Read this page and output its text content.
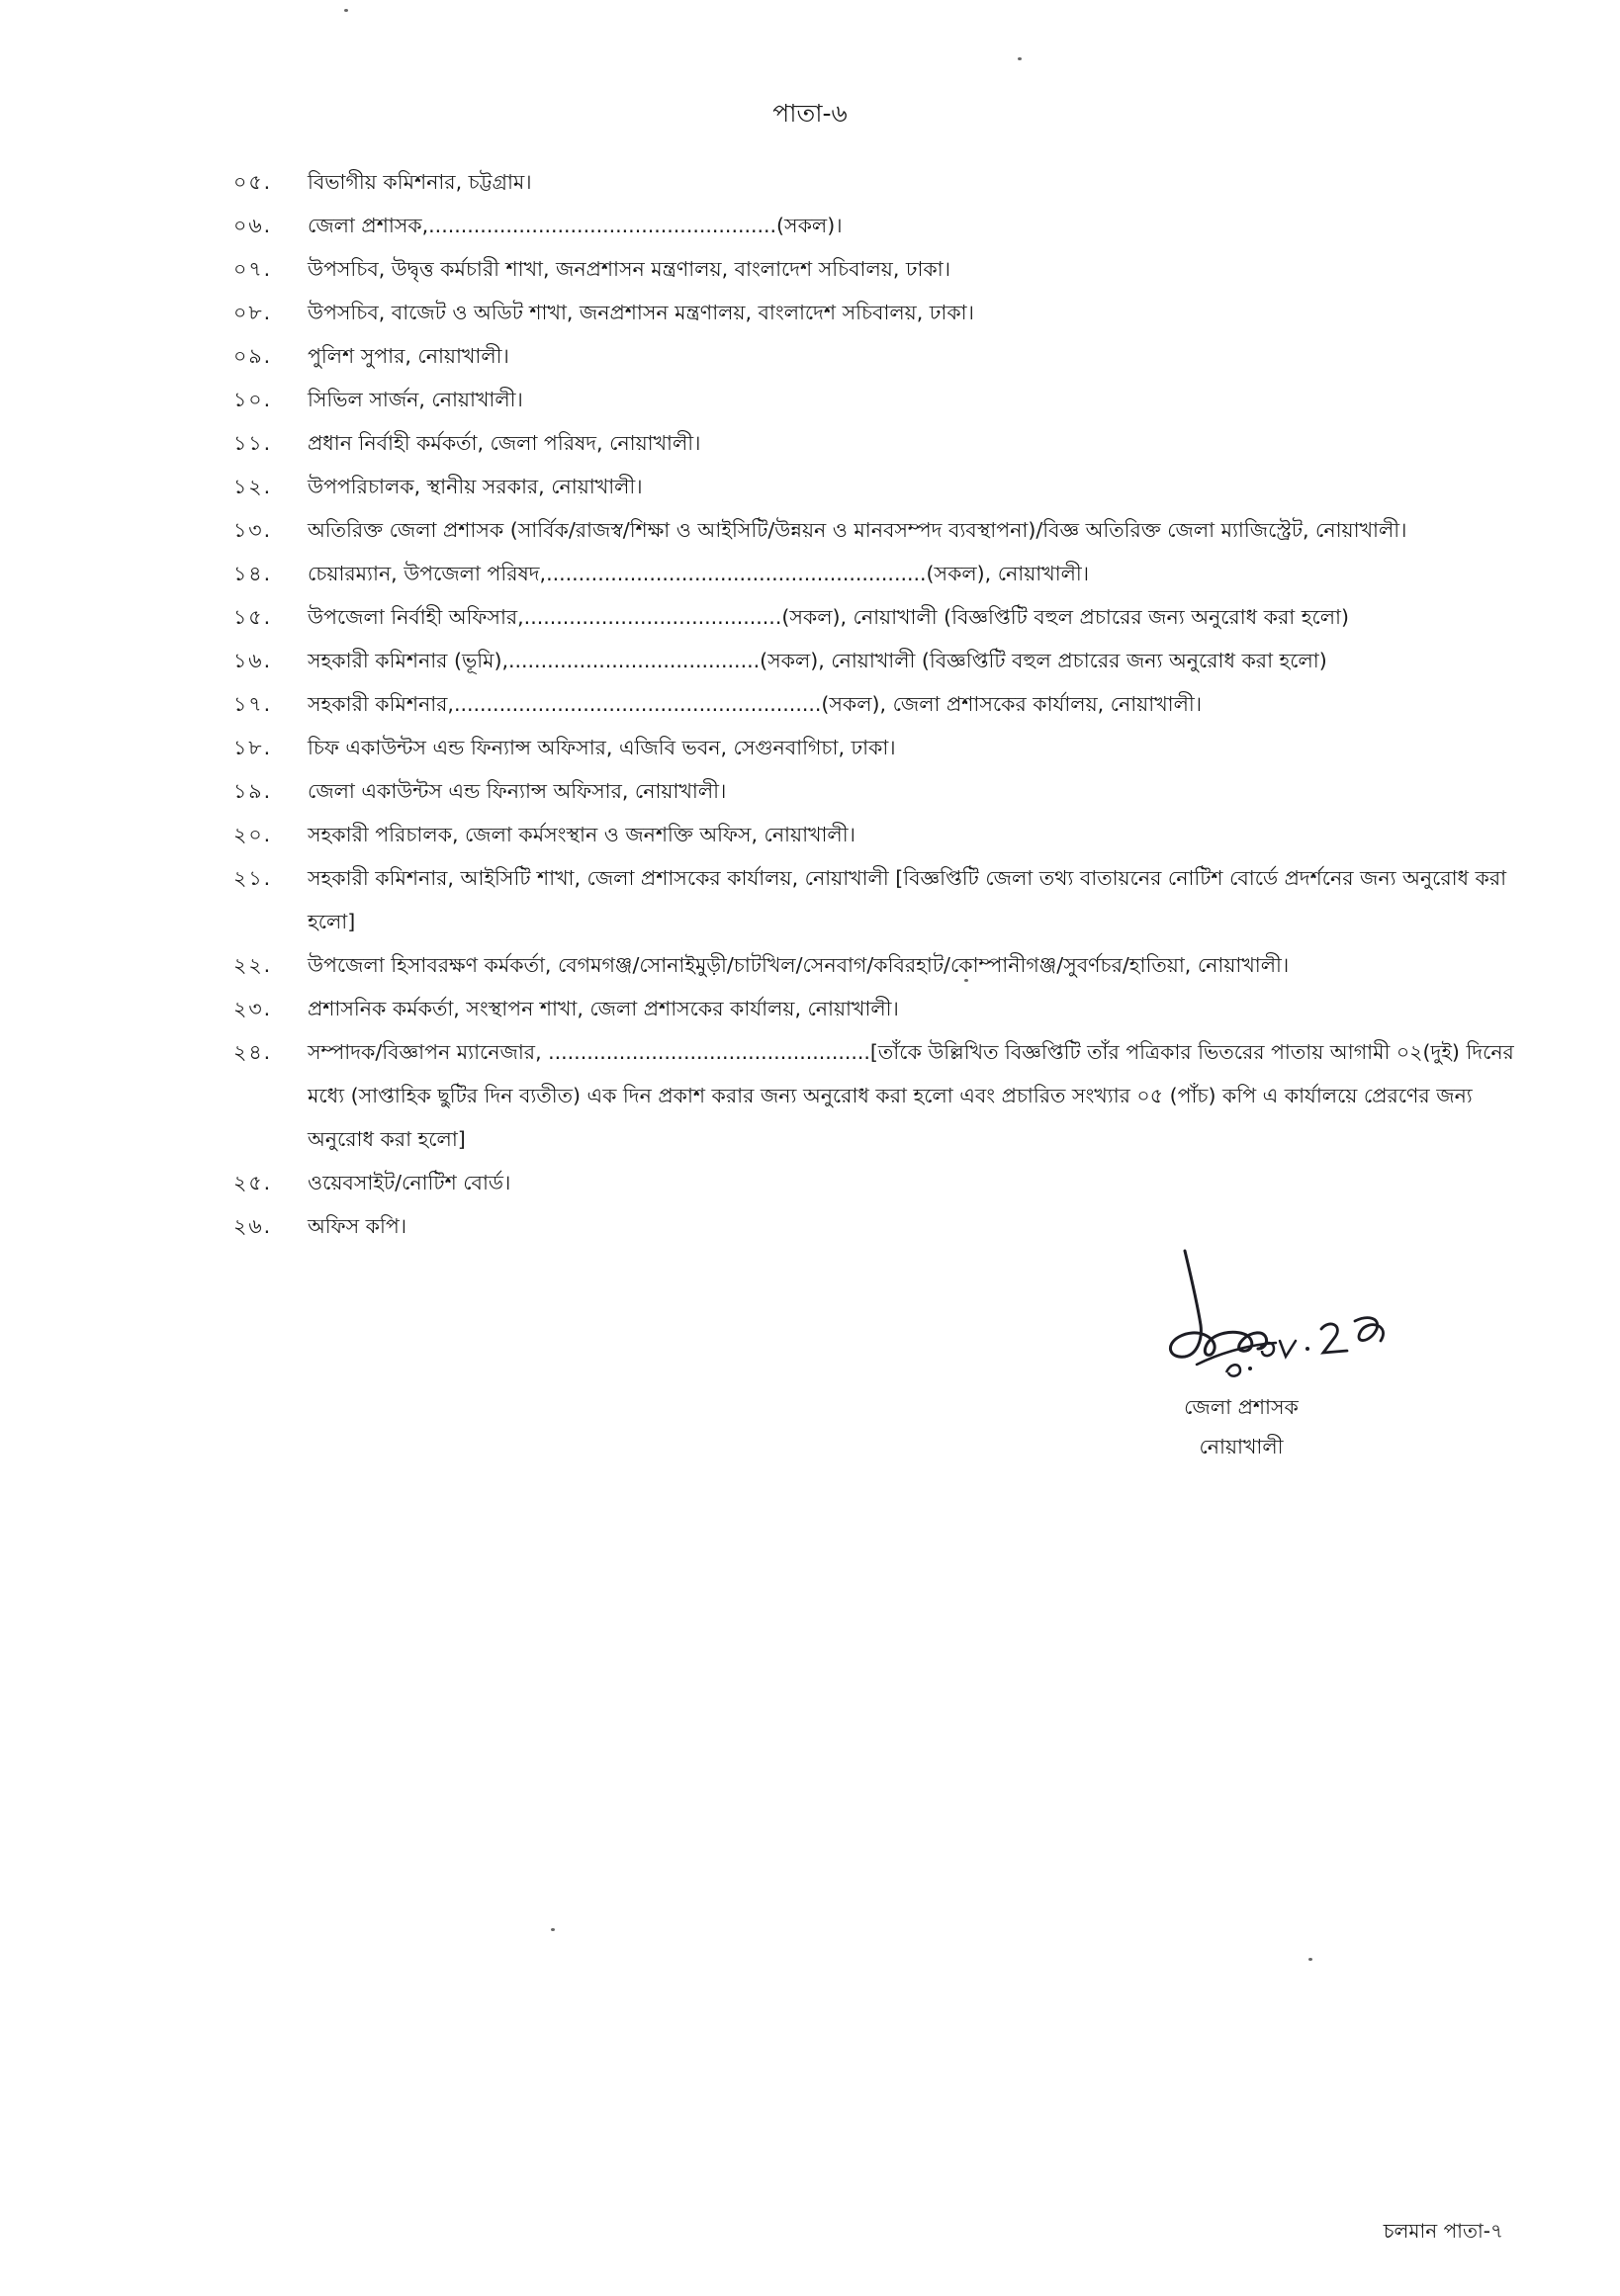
পাতা-৬
০৫.	বিভাগীয় কমিশনার, চট্টগ্রাম।
০৬.	জেলা প্রশাসক,......................................................(সকল)।
০৭.	উপসচিব, উদ্বৃত্ত কর্মচারী শাখা, জনপ্রশাসন মন্ত্রণালয়, বাংলাদেশ সচিবালয়, ঢাকা।
০৮.	উপসচিব, বাজেট ও অডিট শাখা, জনপ্রশাসন মন্ত্রণালয়, বাংলাদেশ সচিবালয়, ঢাকা।
০৯.	পুলিশ সুপার, নোয়াখালী।
১০.	সিভিল সার্জন, নোয়াখালী।
১১.	প্রধান নির্বাহী কর্মকর্তা, জেলা পরিষদ, নোয়াখালী।
১২.	উপপরিচালক, স্থানীয় সরকার, নোয়াখালী।
১৩.	অতিরিক্ত জেলা প্রশাসক (সার্বিক/রাজস্ব/শিক্ষা ও আইসিটি/উন্নয়ন ও মানবসম্পদ ব্যবস্থাপনা)/বিজ্ঞ অতিরিক্ত জেলা ম্যাজিস্ট্রেট, নোয়াখালী।
১৪.	চেয়ারম্যান, উপজেলা পরিষদ,...........................................................(সকল), নোয়াখালী।
১৫.	উপজেলা নির্বাহী অফিসার,........................................(সকল), নোয়াখালী (বিজ্ঞপ্তিটি বহুল প্রচারের জন্য অনুরোধ করা হলো)
১৬.	সহকারী কমিশনার (ভূমি),.......................................(সকল), নোয়াখালী (বিজ্ঞপ্তিটি বহুল প্রচারের জন্য অনুরোধ করা হলো)
১৭.	সহকারী কমিশনার,.........................................................(সকল), জেলা প্রশাসকের কার্যালয়, নোয়াখালী।
১৮.	চিফ একাউন্টস এন্ড ফিন্যান্স অফিসার, এজিবি ভবন, সেগুনবাগিচা, ঢাকা।
১৯.	জেলা একাউন্টস এন্ড ফিন্যান্স অফিসার, নোয়াখালী।
২০.	সহকারী পরিচালক, জেলা কর্মসংস্থান ও জনশক্তি অফিস, নোয়াখালী।
২১.	সহকারী কমিশনার, আইসিটি শাখা, জেলা প্রশাসকের কার্যালয়, নোয়াখালী [বিজ্ঞপ্তিটি জেলা তথ্য বাতায়নের নোটিশ বোর্ডে প্রদর্শনের জন্য অনুরোধ করা হলো]
২২.	উপজেলা হিসাবরক্ষণ কর্মকর্তা, বেগমগঞ্জ/সোনাইমুড়ী/চাটখিল/সেনবাগ/কবিরহাট/কোম্পানীগঞ্জ/সুবর্ণচর/হাতিয়া, নোয়াখালী।
২৩.	প্রশাসনিক কর্মকর্তা, সংস্থাপন শাখা, জেলা প্রশাসকের কার্যালয়, নোয়াখালী।
২৪.	সম্পাদক/বিজ্ঞাপন ম্যানেজার, ..................................................[তাঁকে উল্লিখিত বিজ্ঞপ্তিটি তাঁর পত্রিকার ভিতরের পাতায় আগামী ০২(দুই) দিনের মধ্যে (সাপ্তাহিক ছুটির দিন ব্যতীত) এক দিন প্রকাশ করার জন্য অনুরোধ করা হলো এবং প্রচারিত সংখ্যার ০৫ (পাঁচ) কপি এ কার্যালয়ে প্রেরণের জন্য অনুরোধ করা হলো]
২৫.	ওয়েবসাইট/নোটিশ বোর্ড।
২৬.	অফিস কপি।
জেলা প্রশাসক
নোয়াখালী
চলমান পাতা-৭
